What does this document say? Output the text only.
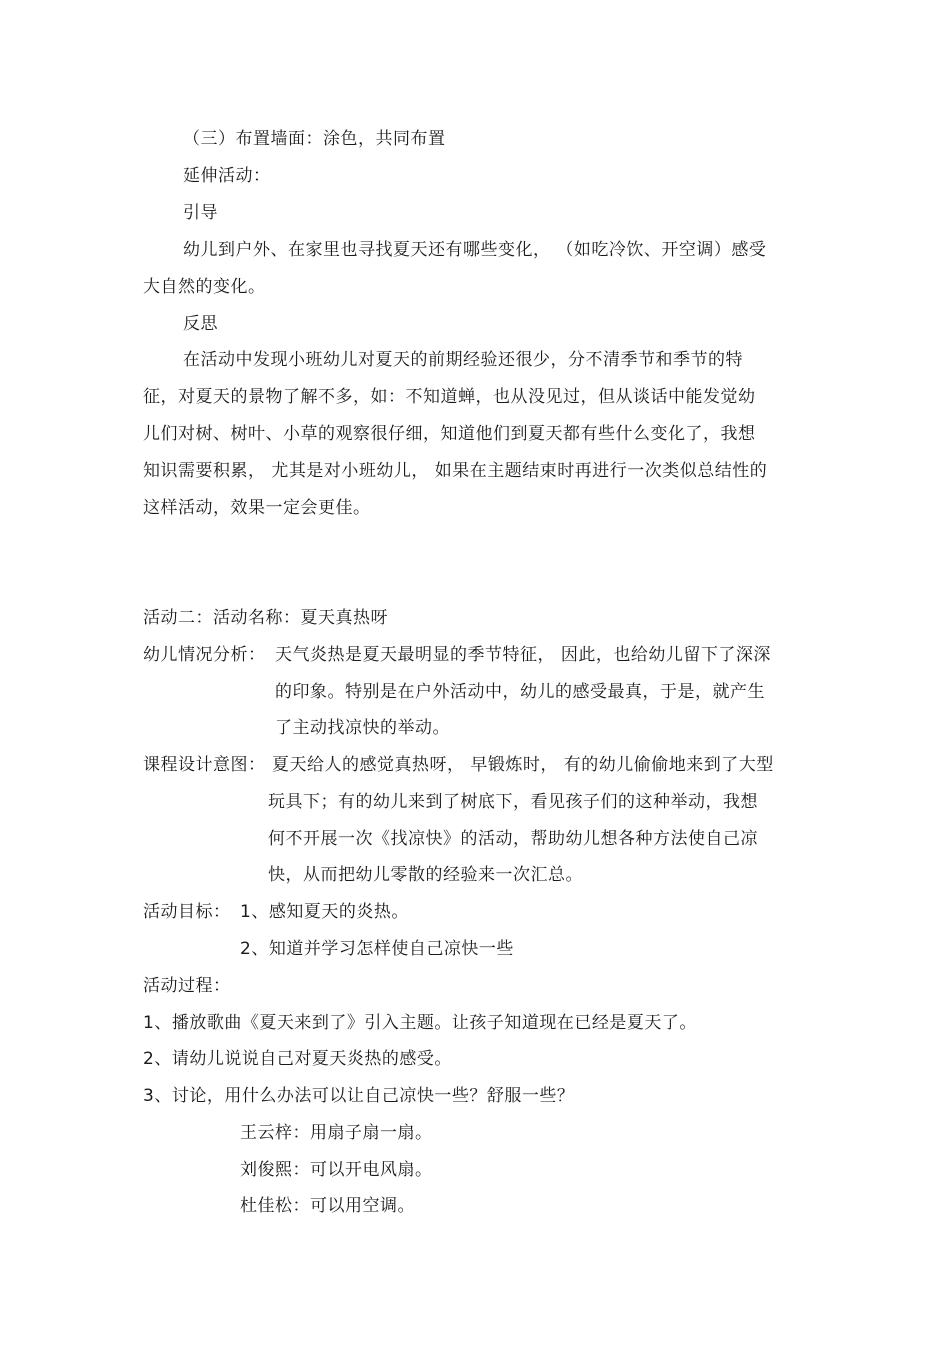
（三）布置墙面：涂色，共同布置
延伸活动：
引导
幼儿到户外、在家里也寻找夏天还有哪些变化， （如吃冷饮、开空调）感受
大自然的变化。
反思
在活动中发现小班幼儿对夏天的前期经验还很少，分不清季节和季节的特
征，对夏天的景物了解不多，如：不知道蝉，也从没见过，但从谈话中能发觉幼
儿们对树、树叶、小草的观察很仔细，知道他们到夏天都有些什么变化了，我想
知识需要积累， 尤其是对小班幼儿， 如果在主题结束时再进行一次类似总结性的
这样活动，效果一定会更佳。
活动二：活动名称：夏天真热呀
幼儿情况分析： 天气炎热是夏天最明显的季节特征， 因此，也给幼儿留下了深深
的印象。特别是在户外活动中，幼儿的感受最真，于是，就产生
了主动找凉快的举动。
课程设计意图： 夏天给人的感觉真热呀， 早锻炼时， 有的幼儿偷偷地来到了大型
玩具下；有的幼儿来到了树底下，看见孩子们的这种举动，我想
何不开展一次《找凉快》的活动，帮助幼儿想各种方法使自己凉
快，从而把幼儿零散的经验来一次汇总。
活动目标： 1、感知夏天的炎热。
2、知道并学习怎样使自己凉快一些
活动过程：
1、播放歌曲《夏天来到了》引入主题。让孩子知道现在已经是夏天了。
2、请幼儿说说自己对夏天炎热的感受。
3、讨论，用什么办法可以让自己凉快一些？舒服一些？
王云梓：用扇子扇一扇。
刘俊熙：可以开电风扇。
杜佳松：可以用空调。
